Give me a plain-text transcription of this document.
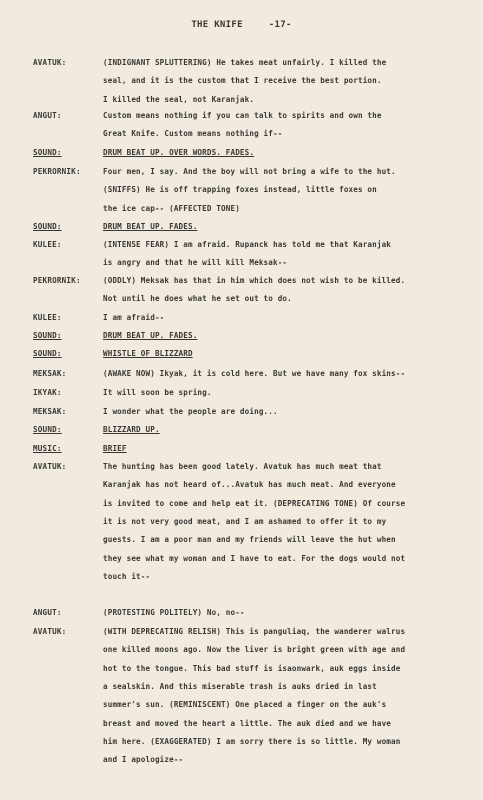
THE KNIFE	-17-
AVATUK:	(INDIGNANT SPLUTTERING) He takes meat unfairly. I killed the
seal, and it is the custom that I receive the best portion.
I killed the seal, not Karanjak.
ANGUT:	Custom means nothing if you can talk to spirits and own the
Great Knife. Custom means nothing if--
SOUND:	DRUM BEAT UP. OVER WORDS. FADES.
PEKRORNIK:	Four men, I say. And the boy will not bring a wife to the hut.
(SNIFFS) He is off trapping foxes instead, little foxes on
the ice cap-- (AFFECTED TONE)
SOUND:	DRUM BEAT UP. FADES.
KULEE:	(INTENSE FEAR) I am afraid. Rupanck has told me that Karanjak
is angry and that he will kill Meksak--
PEKRORNIK:	(ODDLY) Meksak has that in him which does not wish to be killed.
Not until he does what he set out to do.
KULEE:	I am afraid--
SOUND:	DRUM BEAT UP. FADES.
SOUND:	WHISTLE OF BLIZZARD
MEKSAK:	(AWAKE NOW) Ikyak, it is cold here. But we have many fox skins--
IKYAK:	It will soon be spring.
MEKSAK:	I wonder what the people are doing...
SOUND:	BLIZZARD UP.
MUSIC:	BRIEF
AVATUK:	The hunting has been good lately. Avatuk has much meat that
Karanjak has not heard of...Avatuk has much meat. And everyone
is invited to come and help eat it. (DEPRECATING TONE) Of course
it is not very good meat, and I am ashamed to offer it to my
guests. I am a poor man and my friends will leave the hut when
they see what my woman and I have to eat. For the dogs would not
touch it--
ANGUT:	(PROTESTING POLITELY) No, no--
AVATUK:	(WITH DEPRECATING RELISH) This is panguliaq, the wanderer walrus
one killed moons ago. Now the liver is bright green with age and
hot to the tongue. This bad stuff is isaonwark, auk eggs inside
a sealskin. And this miserable trash is auks dried in last
summer's sun. (REMINISCENT) One placed a finger on the auk's
breast and moved the heart a little. The auk died and we have
him here. (EXAGGERATED) I am sorry there is so little. My woman
and I apologize--
